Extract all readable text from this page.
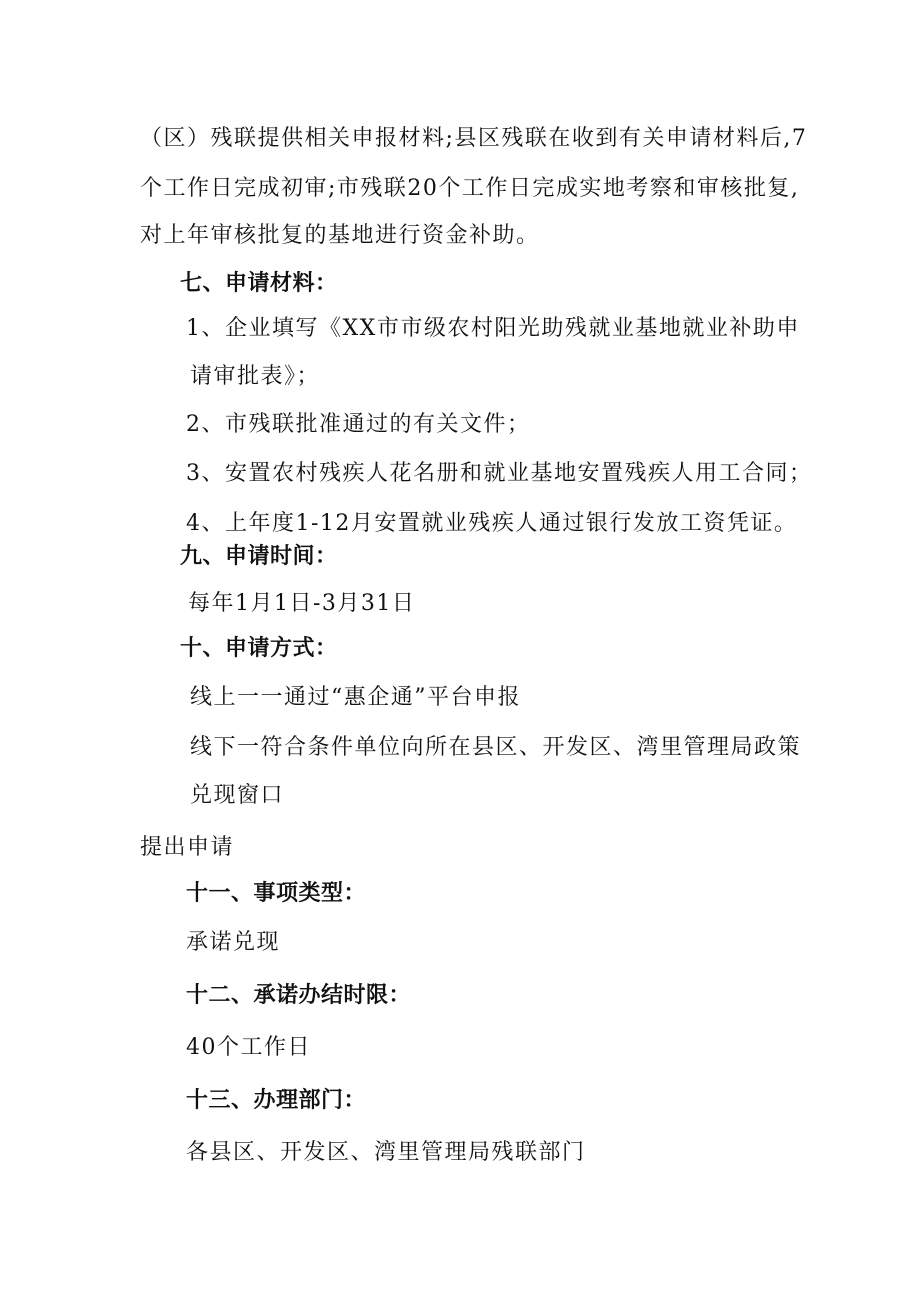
（区）残联提供相关申报材料;县区残联在收到有关申请材料后,7
个工作日完成初审;市残联20个工作日完成实地考察和审核批复,
对上年审核批复的基地进行资金补助。
七、申请材料：
1、企业填写《XX市市级农村阳光助残就业基地就业补助申
请审批表》；
2、市残联批准通过的有关文件；
3、安置农村残疾人花名册和就业基地安置残疾人用工合同；
4、上年度1-12月安置就业残疾人通过银行发放工资凭证。
九、申请时间：
每年1月1日-3月31日
十、申请方式：
线上一一通过“惠企通”平台申报
线下一符合条件单位向所在县区、开发区、湾里管理局政策
兑现窗口
提出申请
十一、事项类型：
承诺兑现
十二、承诺办结时限：
40个工作日
十三、办理部门：
各县区、开发区、湾里管理局残联部门
